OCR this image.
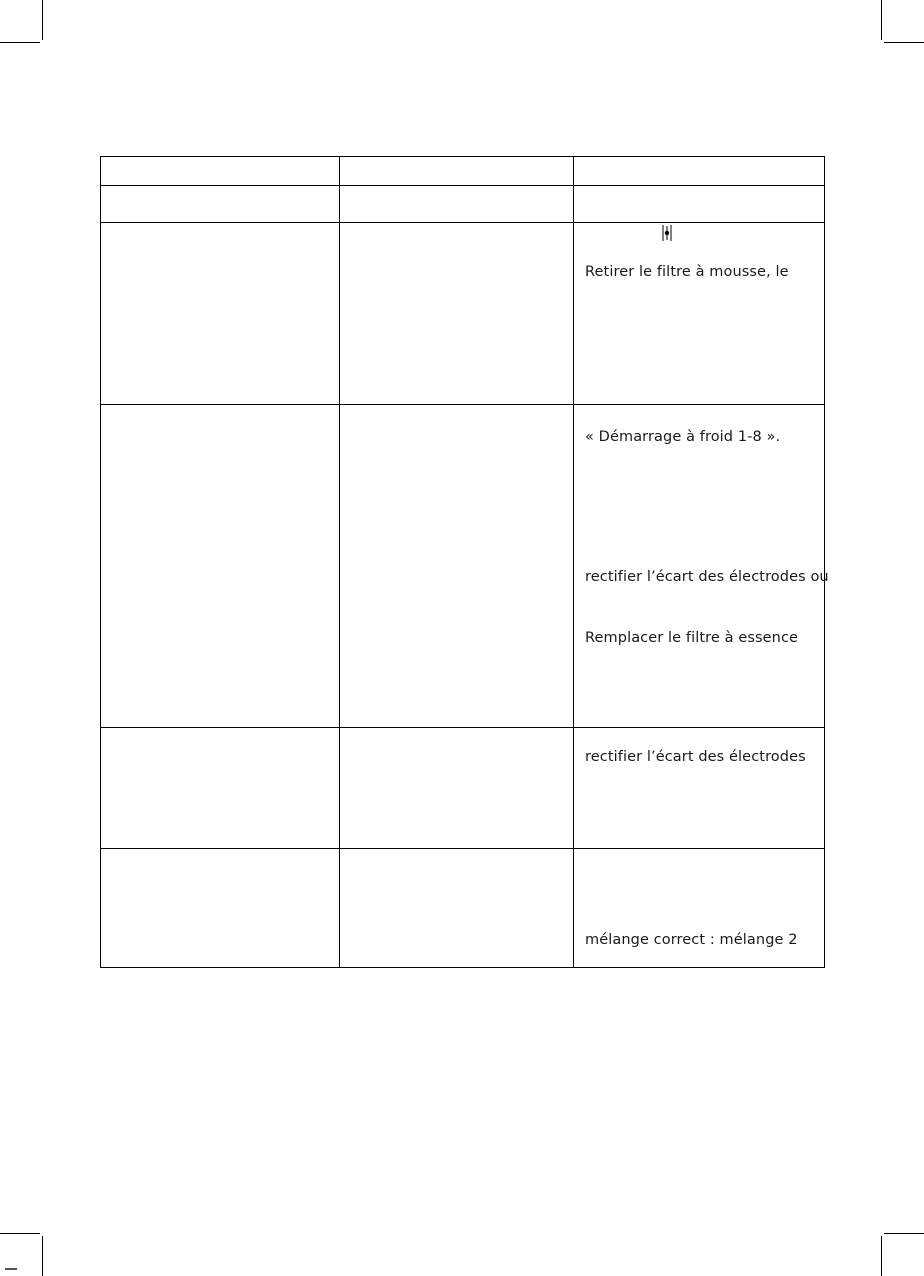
		Retirer le filtre à mousse, le

		« Démarrage à froid 1-8 ».
rectifier l’écart des électrodes ou
Remplacer le filtre à essence

		rectifier l’écart des électrodes

		mélange correct : mélange 2
